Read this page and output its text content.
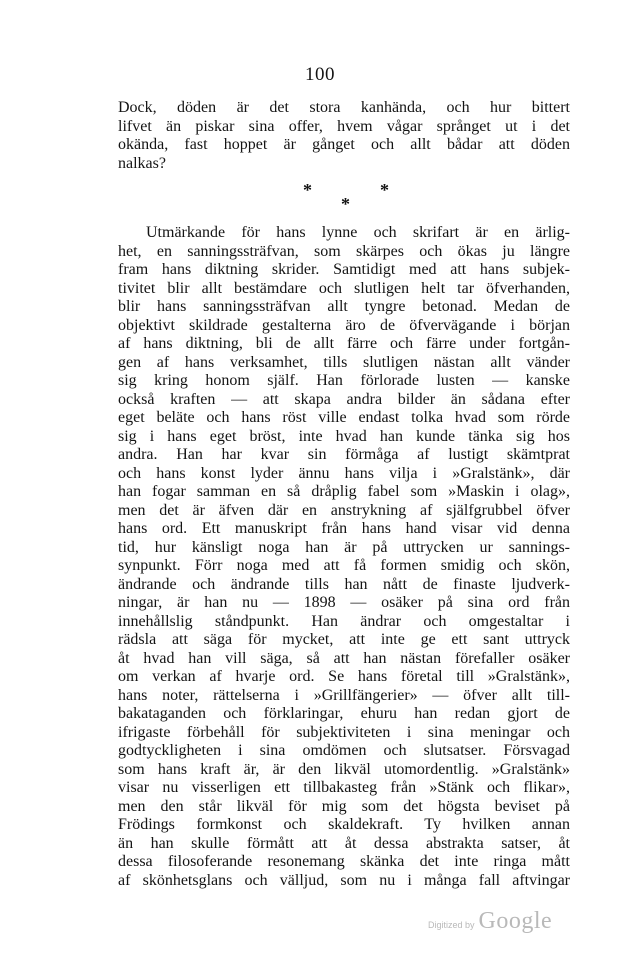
100

Dock, döden är det stora kanhända, och hur bittert
lifvet än piskar sina offer, hvem vågar språnget ut i det
okända, fast hoppet är gånget och allt bådar att döden
nalkas?

*
*
*

Utmärkande för hans lynne och skrifart är en ärlig-
het, en sanningssträfvan, som skärpes och ökas ju längre
fram hans diktning skrider. Samtidigt med att hans subjek-
tivitet blir allt bestämdare och slutligen helt tar öfverhanden,
blir hans sanningssträfvan allt tyngre betonad. Medan de
objektivt skildrade gestalterna äro de öfvervägande i början
af hans diktning, bli de allt färre och färre under fortgån-
gen af hans verksamhet, tills slutligen nästan allt vänder
sig kring honom själf. Han förlorade lusten — kanske
också kraften — att skapa andra bilder än sådana efter
eget beläte och hans röst ville endast tolka hvad som rörde
sig i hans eget bröst, inte hvad han kunde tänka sig hos
andra. Han har kvar sin förmåga af lustigt skämtprat
och hans konst lyder ännu hans vilja i »Gralstänk», där
han fogar samman en så dråplig fabel som »Maskin i olag»,
men det är äfven där en anstrykning af själfgrubbel öfver
hans ord. Ett manuskript från hans hand visar vid denna
tid, hur känsligt noga han är på uttrycken ur sannings-
synpunkt. Förr noga med att få formen smidig och skön,
ändrande och ändrande tills han nått de finaste ljudverk-
ningar, är han nu — 1898 — osäker på sina ord från
innehållslig ståndpunkt. Han ändrar och omgestaltar i
rädsla att säga för mycket, att inte ge ett sant uttryck
åt hvad han vill säga, så att han nästan förefaller osäker
om verkan af hvarje ord. Se hans företal till »Gralstänk»,
hans noter, rättelserna i »Grillfängerier» — öfver allt till-
bakataganden och förklaringar, ehuru han redan gjort de
ifrigaste förbehåll för subjektiviteten i sina meningar och
godtyckligheten i sina omdömen och slutsatser. Försvagad
som hans kraft är, är den likväl utomordentlig. »Gralstänk»
visar nu visserligen ett tillbakasteg från »Stänk och flikar»,
men den står likväl för mig som det högsta beviset på
Frödings formkonst och skaldekraft. Ty hvilken annan
än han skulle förmått att åt dessa abstrakta satser, åt
dessa filosoferande resonemang skänka det inte ringa mått
af skönhetsglans och välljud, som nu i många fall aftvingar

Digitized by Google
